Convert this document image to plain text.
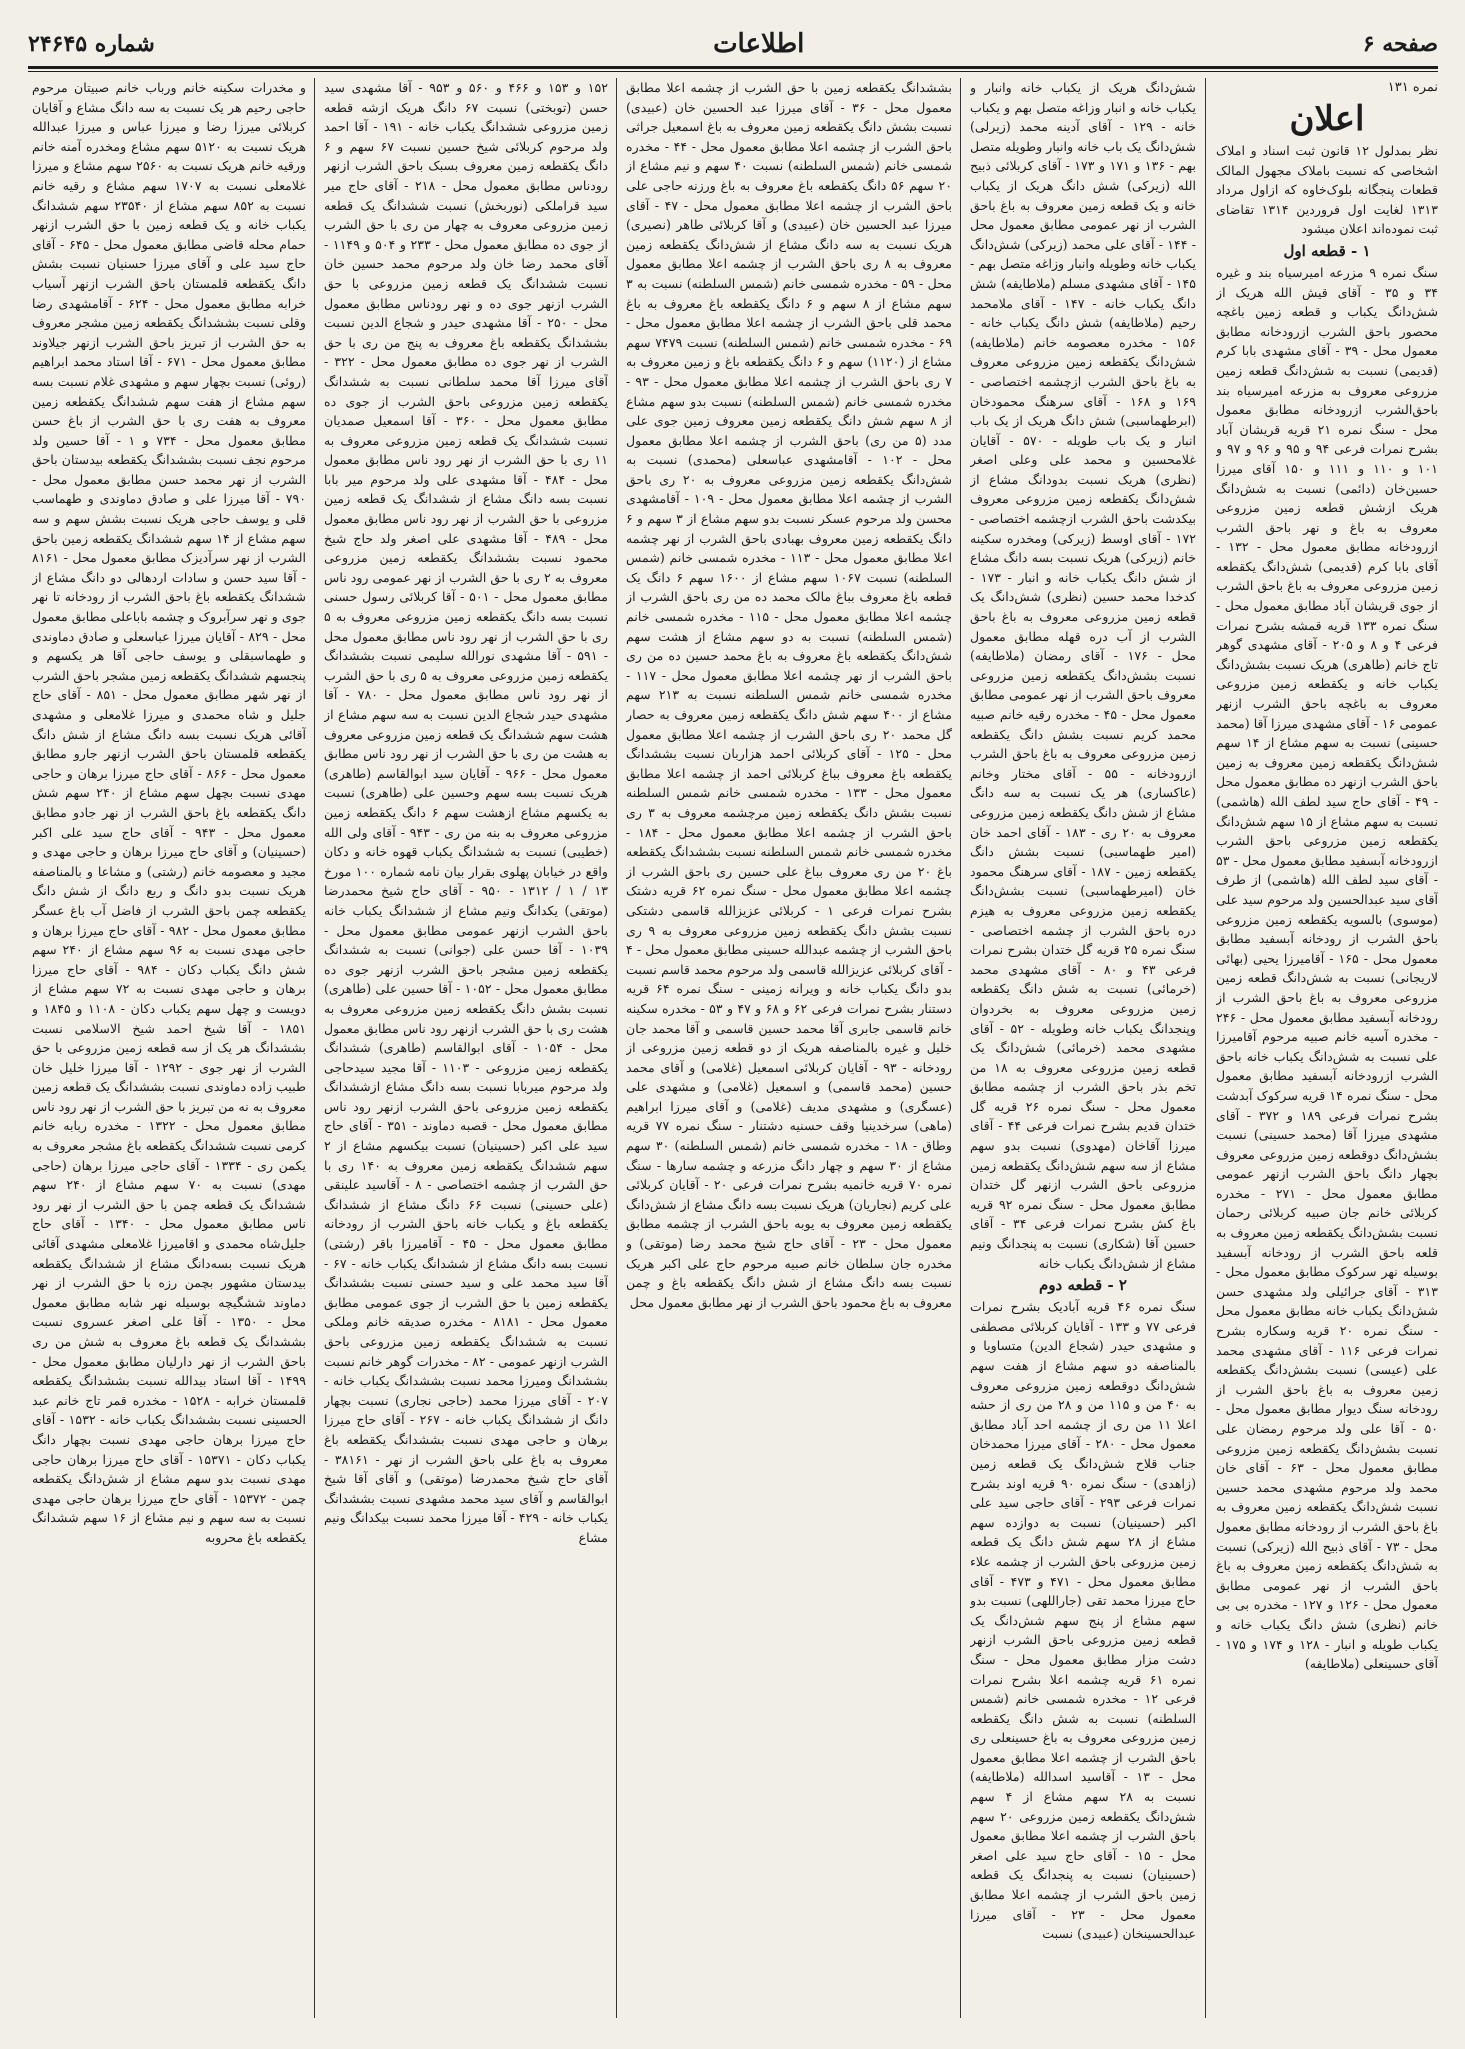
صفحه ۶
اطلاعات
شماره ۲۴۶۴۵

نمره ۱۳۱

اعلان

نظر بمدلول ۱۲ قانون ثبت اسناد و املاک اشخاصی که نسبت باملاک مجهول المالک قطعات پنجگانه بلوک‌خاوه که ازاول مرداد ۱۳۱۳ لغایت اول فروردین ۱۳۱۴ تقاضای ثبت نموده‌اند اعلان میشود

۱ - قطعه اول

سنگ نمره ۹ مزرعه امیرسیاه بند و غیره ۳۴ و ۳۵ - آقای قیش الله هریک از شش‌دانگ یکباب و قطعه زمین باغچه محصور باحق الشرب ازرودخانه مطابق معمول محل - ۳۹ - آقای مشهدی بابا کرم (قدیمی) نسبت به شش‌دانگ قطعه زمین مزروعی معروف به مزرعه امیرسیاه بند باحق‌الشرب ازرودخانه مطابق معمول محل - سنگ نمره ۲۱ قریه قریشان آباد بشرح نمرات فرعی ۹۴ و ۹۵ و ۹۶ و ۹۷ و ۱۰۱ و ۱۱۰ و ۱۱۱ و ۱۵۰ آقای میرزا حسین‌خان (دائمی) نسبت به شش‌دانگ هریک ازشش قطعه زمین مزروعی معروف به باغ و نهر باحق الشرب ازرودخانه مطابق معمول محل - ۱۳۲ - آقای بابا کرم (قدیمی) شش‌دانگ یکقطعه زمین مزروعی معروف به باغ باحق الشرب از جوی قریشان آباد مطابق معمول محل - سنگ نمره ۱۳۳ قریه قمشه بشرح نمرات فرعی ۴ و ۸ و ۲۰۵ - آقای مشهدی گوهر تاج خانم (طاهری) هریک نسبت بشش‌دانگ یکباب خانه و یکقطعه زمین مزروعی معروف به باغچه باحق الشرب ازنهر عمومی ۱۶ - آقای مشهدی میرزا آقا (محمد حسینی) نسبت به سهم مشاع از ۱۴ سهم شش‌دانگ یکقطعه زمین معروف به زمین باحق الشرب ازنهر ده مطابق معمول محل - ۴۹ - آقای حاج سید لطف الله (هاشمی) نسبت به سهم مشاع از ۱۵ سهم شش‌دانگ یکقطعه زمین مزروعی باحق الشرب ازرودخانه آبسفید مطابق معمول محل - ۵۳ - آقای سید لطف الله (هاشمی) از طرف آقای سید عبدالحسین ولد مرحوم سید علی (موسوی) بالسویه یکقطعه زمین مزروعی باحق الشرب از رودخانه آبسفید مطابق معمول محل - ۱۶۵ - آقامیرزا یحیی (بهائی لاریجانی) نسبت به شش‌دانگ قطعه زمین مزروعی معروف به باغ باحق الشرب از رودخانه آبسفید مطابق معمول محل - ۲۴۶ - مخدره آسیه خانم صبیه مرحوم آقامیرزا علی نسبت به شش‌دانگ یکباب خانه باحق الشرب ازرودخانه آبسفید مطابق معمول محل - سنگ نمره ۱۴ قریه سرکوک آبدشت بشرح نمرات فرعی ۱۸۹ و ۳۷۲ - آقای مشهدی میرزا آقا (محمد حسینی) نسبت بشش‌دانگ دوقطعه زمین مزروعی معروف بچهار دانگ باحق الشرب ازنهر عمومی مطابق معمول محل - ۲۷۱ - مخدره کربلائی خانم جان صبیه کربلائی رحمان نسبت بشش‌دانگ یکقطعه زمین معروف به قلعه باحق الشرب از رودخانه آبسفید بوسیله نهر سرکوک مطابق معمول محل - ۳۱۳ - آقای جرائیلی ولد مشهدی حسن شش‌دانگ یکباب خانه مطابق معمول محل - سنگ نمره ۲۰ قریه وسکاره بشرح نمرات فرعی ۱۱۶ - آقای مشهدی محمد علی (عیسی) نسبت بشش‌دانگ یکقطعه زمین معروف به باغ باحق الشرب از رودخانه سنگ دیوار مطابق معمول محل - ۵۰ - آقا علی ولد مرحوم رمضان علی نسبت بشش‌دانگ یکقطعه زمین مزروعی مطابق معمول محل - ۶۳ - آقای خان محمد ولد مرحوم مشهدی محمد حسین نسبت شش‌دانگ یکقطعه زمین معروف به باغ باحق الشرب از رودخانه مطابق معمول محل - ۷۳ - آقای ذبیح الله (زیرکی) نسبت به شش‌دانگ یکقطعه زمین معروف به باغ باحق الشرب از نهر عمومی مطابق معمول محل - ۱۲۶ و ۱۲۷ - مخدره بی بی خانم (نظری) شش دانگ یکباب خانه و یکباب طویله و انبار - ۱۲۸ و ۱۷۴ و ۱۷۵ - آقای حسینعلی (ملاطایفه)

شش‌دانگ هریک از یکباب خانه وانبار و یکباب خانه و انبار وزاغه متصل بهم و یکباب خانه - ۱۲۹ - آقای آدینه محمد (زیرلی) شش‌دانگ یک باب خانه وانبار وطویله متصل بهم - ۱۳۶ و ۱۷۱ و ۱۷۳ - آقای کربلائی ذبیح الله (زیرکی) شش دانگ هریک از یکباب خانه و یک قطعه زمین معروف به باغ باحق الشرب از نهر عمومی مطابق معمول محل - ۱۴۴ - آقای علی محمد (زیرکی) شش‌دانگ یکباب خانه وطویله وانبار وزاغه متصل بهم - ۱۴۵ - آقای مشهدی مسلم (ملاطایفه) شش دانگ یکباب خانه - ۱۴۷ - آقای ملامحمد رحیم (ملاطایفه) شش دانگ یکباب خانه - ۱۵۶ - مخدره معصومه خانم (ملاطایفه) شش‌دانگ یکقطعه زمین مزروعی معروف به باغ باحق الشرب ازچشمه اختصاصی - ۱۶۹ و ۱۶۸ - آقای سرهنگ محمودخان (ابرطهماسبی) شش دانگ هریک از یک باب انبار و یک باب طویله - ۵۷۰ - آقایان غلامحسین و محمد علی وعلی اصغر (نظری) هریک نسبت بدودانگ مشاع از شش‌دانگ یکقطعه زمین مزروعی معروف بیکدشت باحق الشرب ازچشمه اختصاصی - ۱۷۲ - آقای اوسط (زیرکی) ومخدره سکینه خانم (زیرکی) هریک نسبت بسه دانگ مشاع از شش دانگ یکباب خانه و انبار - ۱۷۳ - کدخدا محمد حسین (نظری) شش‌دانگ یک قطعه زمین مزروعی معروف به باغ باحق الشرب از آب دره قهله مطابق معمول محل - ۱۷۶ - آقای رمضان (ملاطایفه) نسبت بشش‌دانگ یکقطعه زمین مزروعی معروف باحق الشرب از نهر عمومی مطابق معمول محل - ۴۵ - مخدره رقیه خانم صبیه محمد کریم نسبت بشش دانگ یکقطعه زمین مزروعی معروف به باغ باحق الشرب ازرودخانه - ۵۵ - آقای مختار وخانم (عاکساری) هر یک نسبت به سه دانگ مشاع از شش دانگ یکقطعه زمین مزروعی معروف به ۲۰ ری - ۱۸۳ - آقای احمد خان (امیر طهماسبی) نسبت بشش دانگ یکقطعه زمین - ۱۸۷ - آقای سرهنگ محمود خان (امیرطهماسبی) نسبت بشش‌دانگ یکقطعه زمین مزروعی معروف به هیزم دره باحق الشرب از چشمه اختصاصی - سنگ نمره ۲۵ قریه گل ختدان بشرح نمرات فرعی ۴۳ و ۸۰ - آقای مشهدی محمد (خرمائی) نسبت به شش دانگ یکقطعه زمین مزروعی معروف به بخردوان وپنجدانگ یکباب خانه وطویله - ۵۲ - آقای مشهدی محمد (خرمائی) شش‌دانگ یک قطعه زمین مزروعی معروف به ۱۸ من تخم بذر باحق الشرب از چشمه مطابق معمول محل - سنگ نمره ۲۶ قریه گل ختدان قدیم بشرح نمرات فرعی ۴۴ - آقای میرزا آقاخان (مهدوی) نسبت بدو سهم مشاع از سه سهم شش‌دانگ یکقطعه زمین مزروعی باحق الشرب ازنهر گل ختدان مطابق معمول محل - سنگ نمره ۹۲ قریه باغ کش بشرح نمرات فرعی ۳۴ - آقای حسین آقا (شکاری) نسبت به پنجدانگ ونیم مشاع از شش‌دانگ یکباب خانه

۲ - قطعه دوم

سنگ نمره ۴۶ قریه آبادیک بشرح نمرات فرعی ۷۷ و ۱۳۳ - آقایان کربلائی مصطفی و مشهدی حیدر (شجاع الدین) متساویا و بالمناصفه دو سهم مشاع از هفت سهم شش‌دانگ دوقطعه زمین مزروعی معروف به ۴۰ من و ۱۱۵ من و ۲۸ من ری از حشه اعلا ۱۱ من ری از چشمه احد آباد مطابق معمول محل - ۲۸۰ - آقای میرزا محمدخان جناب قلاح شش‌دانگ یک قطعه زمین (زاهدی) - سنگ نمره ۹۰ قریه اوند بشرح نمرات فرعی ۲۹۳ - آقای حاجی سید علی اکبر (حسینیان) نسبت به دوازده سهم مشاع از ۲۸ سهم شش دانگ یک قطعه زمین مزروعی باحق الشرب از چشمه علاء مطابق معمول محل - ۴۷۱ و ۴۷۳ - آقای حاج میرزا محمد تقی (جاراللهی) نسبت بدو سهم مشاع از پنج سهم شش‌دانگ یک قطعه زمین مزروعی باحق الشرب ازنهر دشت مزار مطابق معمول محل - سنگ نمره ۶۱ قریه چشمه اعلا بشرح نمرات فرعی ۱۲ - مخدره شمسی خانم (شمس السلطنه) نسبت به شش دانگ یکقطعه زمین مزروعی معروف به باغ حسینعلی ری باحق الشرب از چشمه اعلا مطابق معمول محل - ۱۳ - آقاسید اسدالله (ملاطایفه) نسبت به ۲۸ سهم مشاع از ۴ سهم شش‌دانگ یکقطعه زمین مزروعی ۲۰ سهم باحق الشرب از چشمه اعلا مطابق معمول محل - ۱۵ - آقای حاج سید علی اصغر (حسینیان) نسبت به پنجدانگ یک قطعه زمین باحق الشرب از چشمه اعلا مطابق معمول محل - ۲۳ - آقای میرزا عبدالحسینخان (عبیدی) نسبت

بششدانگ یکقطعه زمین با حق الشرب از چشمه اعلا مطابق معمول محل - ۳۶ - آقای میرزا عبد الحسین خان (عبیدی) نسبت بشش دانگ یکقطعه زمین معروف به باغ اسمعیل جراثی باحق الشرب از چشمه اعلا مطابق معمول محل - ۴۴ - مخدره شمسی خانم (شمس السلطنه) نسبت ۴۰ سهم و نیم مشاع از ۲۰ سهم ۵۶ دانگ یکقطعه باغ معروف به باغ ورزنه حاجی علی باحق الشرب از چشمه اعلا مطابق معمول محل - ۴۷ - آقای میرزا عبد الحسین خان (عبیدی) و آقا کربلائی طاهر (نصیری) هریک نسبت به سه دانگ مشاع از شش‌دانگ یکقطعه زمین معروف به ۸ ری باحق الشرب از چشمه اعلا مطابق معمول محل - ۵۹ - مخدره شمسی خانم (شمس السلطنه) نسبت به ۳ سهم مشاع از ۸ سهم و ۶ دانگ یکقطعه باغ معروف به باغ محمد قلی باحق الشرب از چشمه اعلا مطابق معمول محل - ۶۹ - مخدره شمسی خانم (شمس السلطنه) نسبت ۷۴۷۹ سهم مشاع از (۱۱۲۰) سهم و ۶ دانگ یکقطعه باغ و زمین معروف به ۷ ری باحق الشرب از چشمه اعلا مطابق معمول محل - ۹۳ - مخدره شمسی خانم (شمس السلطنه) نسبت بدو سهم مشاع از ۸ سهم شش دانگ یکقطعه زمین معروف زمین جوی علی مدد (۵ من ری) باحق الشرب از چشمه اعلا مطابق معمول محل - ۱۰۲ - آقامشهدی عباسعلی (محمدی) نسبت به شش‌دانگ یکقطعه زمین مزروعی معروف به ۲۰ ری باحق الشرب از چشمه اعلا مطابق معمول محل - ۱۰۹ - آقامشهدی محسن ولد مرحوم عسکر نسبت بدو سهم مشاع از ۳ سهم و ۶ دانگ یکقطعه زمین معروف بهبادی باحق الشرب از نهر چشمه اعلا مطابق معمول محل - ۱۱۳ - مخدره شمسی خانم (شمس السلطنه) نسبت ۱۰۶۷ سهم مشاع از ۱۶۰۰ سهم ۶ دانگ یک قطعه باغ معروف بباغ مالک محمد ده من ری باحق الشرب از چشمه اعلا مطابق معمول محل - ۱۱۵ - مخدره شمسی خانم (شمس السلطنه) نسبت به دو سهم مشاع از هشت سهم شش‌دانگ یکقطعه باغ معروف به باغ محمد حسین ده من ری باحق الشرب از نهر چشمه اعلا مطابق معمول محل - ۱۱۷ - مخدره شمسی خانم شمس السلطنه نسبت به ۲۱۳ سهم مشاع از ۴۰۰ سهم شش دانگ یکقطعه زمین معروف به حصار گل محمد ۲۰ ری باحق الشرب از چشمه اعلا مطابق معمول محل - ۱۲۵ - آقای کربلائی احمد هزاربان نسبت بششدانگ یکقطعه باغ معروف بباغ کربلائی احمد از چشمه اعلا مطابق معمول محل - ۱۳۳ - مخدره شمسی خانم شمس السلطنه نسبت بشش دانگ یکقطعه زمین مرچشمه معروف به ۳ ری باحق الشرب از چشمه اعلا مطابق معمول محل - ۱۸۴ - مخدره شمسی خانم شمس السلطنه نسبت بششدانگ یکقطعه باغ ۲۰ من ری معروف بباغ علی حسین ری باحق الشرب از چشمه اعلا مطابق معمول محل - سنگ نمره ۶۲ قریه دشتک بشرح نمرات فرعی ۱ - کربلائی عزیزالله قاسمی دشتکی نسبت بشش دانگ یکقطعه زمین مزروعی معروف به ۹ ری باحق الشرب از چشمه عبدالله حسینی مطابق معمول محل - ۴ - آقای کربلائی عزیزالله قاسمی ولد مرحوم محمد قاسم نسبت بدو دانگ یکباب خانه و ویرانه زمینی - سنگ نمره ۶۴ قریه دستنار بشرح نمرات فرعی ۶۲ و ۶۸ و ۴۷ و ۵۳ - مخدره سکینه خانم قاسمی جابری آقا محمد حسین قاسمی و آقا محمد جان خلیل و غیره بالمناصفه هریک از دو قطعه زمین مزروعی از رودخانه - ۹۳ - آقایان کربلائی اسمعیل (غلامی) و آقای محمد حسین (محمد قاسمی) و اسمعیل (غلامی) و مشهدی علی (عسگری) و مشهدی مدیف (غلامی) و آقای میرزا ابراهیم (ماهی) سرخدینیا وقف حسنیه دشتنار - سنگ نمره ۷۷ قریه وطاق - ۱۸ - مخدره شمسی خانم (شمس السلطنه) ۳۰ سهم مشاع از ۳۰ سهم و چهار دانگ مزرعه و چشمه سارها - سنگ نمره ۷۰ قریه خانمیه بشرح نمرات فرعی ۲۰ - آقایان کربلائی علی کریم (نجاریان) هریک نسبت بسه دانگ مشاع از شش‌دانگ یکقطعه زمین معروف به یوبه باحق الشرب از چشمه مطابق معمول محل - ۲۳ - آقای حاج شیخ محمد رضا (موتقی) و مخدره جان سلطان خانم صبیه مرحوم حاج علی اکبر هریک نسبت بسه دانگ مشاع از شش دانگ یکقطعه باغ و چمن معروف به باغ محمود باحق الشرب از نهر مطابق معمول محل

۱۵۲ و ۱۵۳ و ۴۶۶ و ۵۶۰ و ۹۵۳ - آقا مشهدی سید حسن (توبختی) نسبت ۶۷ دانگ هریک ازشه قطعه زمین مزروعی ششدانگ یکباب خانه - ۱۹۱ - آقا احمد ولد مرحوم کربلائی شیخ حسین نسبت ۶۷ سهم و ۶ دانگ یکقطعه زمین معروف بسبک باحق الشرب ازنهر رودناس مطابق معمول محل - ۲۱۸ - آقای حاج میر سید قراملکی (نوربخش) نسبت ششدانگ یک قطعه زمین مزروعی معروف به چهار من ری با حق الشرب از جوی ده مطابق معمول محل - ۲۳۳ و ۵۰۴ و ۱۱۴۹ - آقای محمد رضا خان ولد مرحوم محمد حسین خان نسبت ششدانگ یک قطعه زمین مزروعی با حق الشرب ازنهر جوی ده و نهر رودناس مطابق معمول محل - ۲۵۰ - آقا مشهدی حیدر و شجاع الدین نسبت بششدانگ یکقطعه باغ معروف به پنج من ری با حق الشرب از نهر جوی ده مطابق معمول محل - ۳۲۲ - آقای میرزا آقا محمد سلطانی نسبت به ششدانگ یکقطعه زمین مزروعی باحق الشرب از جوی ده مطابق معمول محل - ۳۶۰ - آقا اسمعیل صمدیان نسبت ششدانگ یک قطعه زمین مزروعی معروف به ۱۱ ری با حق الشرب از نهر رود ناس مطابق معمول محل - ۴۸۴ - آقا مشهدی علی ولد مرحوم میر بابا نسبت بسه دانگ مشاع از ششدانگ یک قطعه زمین مزروعی با حق الشرب از نهر رود ناس مطابق معمول محل - ۴۸۹ - آقا مشهدی علی اصغر ولد حاج شیخ محمود نسبت بششدانگ یکقطعه زمین مزروعی معروف به ۲ ری با حق الشرب از نهر عمومی رود ناس مطابق معمول محل - ۵۰۱ - آقا کربلائی رسول حسنی نسبت بسه دانگ یکقطعه زمین مزروعی معروف به ۵ ری با حق الشرب از نهر رود ناس مطابق معمول محل - ۵۹۱ - آقا مشهدی نورالله سلیمی نسبت بششدانگ یکقطعه زمین مزروعی معروف به ۵ ری با حق الشرب از نهر رود ناس مطابق معمول محل - ۷۸۰ - آقا مشهدی حیدر شجاع الدین نسبت به سه سهم مشاع از هشت سهم ششدانگ یک قطعه زمین مزروعی معروف به هشت من ری با حق الشرب از نهر رود ناس مطابق معمول محل - ۹۶۶ - آقایان سید ابوالقاسم (طاهری) هریک نسبت بسه سهم وحسین علی (طاهری) نسبت به یکسهم مشاع ازهشت سهم ۶ دانگ یکقطعه زمین مزروعی معروف به بنه من ری - ۹۴۳ - آقای ولی الله (خطیبی) نسبت به ششدانگ یکباب قهوه خانه و دکان واقع در خیابان پهلوی بقرار بیان نامه شماره ۱۰۰ مورخ ۱۳ / ۱ / ۱۳۱۲ - ۹۵۰ - آقای حاج شیخ محمدرضا (موتقی) یکدانگ ونیم مشاع از ششدانگ یکباب خانه باحق الشرب ازنهر عمومی مطابق معمول محل - ۱۰۳۹ - آقا حسن علی (جوانی) نسبت به ششدانگ یکقطعه زمین مشجر باحق الشرب ازنهر جوی ده مطابق معمول محل - ۱۰۵۲ - آقا حسین علی (طاهری) نسبت بشش دانگ یکقطعه زمین مزروعی معروف به هشت ری با حق الشرب ازنهر رود ناس مطابق معمول محل - ۱۰۵۴ - آقای ابوالقاسم (طاهری) ششدانگ یکقطعه زمین مزروعی - ۱۱۰۳ - آقا مجید سیدحاجی ولد مرحوم میربابا نسبت بسه دانگ مشاع ازششدانگ یکقطعه زمین مزروعی باحق الشرب ازنهر رود ناس مطابق معمول محل - قصبه دماوند - ۳۵۱ - آقای حاج سید علی اکبر (حسینیان) نسبت بیکسهم مشاع از ۲ سهم ششدانگ یکقطعه زمین معروف به ۱۴۰ ری با حق الشرب از چشمه اختصاصی - ۸ - آقاسید علینقی (علی حسینی) نسبت ۶۶ دانگ مشاع از ششدانگ یکقطعه باغ و یکباب خانه باحق الشرب از رودخانه مطابق معمول محل - ۴۵ - آقامیرزا باقر (رشتی) نسبت بسه دانگ مشاع از ششدانگ یکباب خانه - ۶۷ - آقا سید محمد علی و سید حسنی نسبت بششدانگ یکقطعه زمین با حق الشرب از جوی عمومی مطابق معمول محل - ۸۱۸۱ - مخدره صدیقه خانم وملکی نسبت به ششدانگ یکقطعه زمین مزروعی باحق الشرب ازنهر عمومی - ۸۲ - مخدرات گوهر خانم نسبت بششدانگ ومیرزا محمد نسبت بششدانگ یکباب خانه - ۲۰۷ - آقای میرزا محمد (حاجی نجاری) نسبت بچهار دانگ از ششدانگ یکباب خانه - ۲۶۷ - آقای حاج میرزا برهان و حاجی مهدی نسبت بششدانگ یکقطعه باغ معروف به باغ علی باحق الشرب از نهر - ۳۸۱۶۱ - آقای حاج شیخ محمدرضا (موتقی) و آقای آقا شیخ ابوالقاسم و آقای سید محمد مشهدی نسبت بششدانگ یکباب خانه - ۴۲۹ - آقا میرزا محمد نسبت بیکدانگ ونیم مشاع

و مخدرات سکینه خانم ورباب خانم صبیتان مرحوم حاجی رحیم هر یک نسبت به سه دانگ مشاع و آقایان کربلائی میرزا رضا و میرزا عباس و میرزا عبدالله هریک نسبت به ۵۱۲۰ سهم مشاع ومخدره آمنه خانم ورقیه خانم هریک نسبت به ۲۵۶۰ سهم مشاع و میرزا غلامعلی نسبت به ۱۷۰۷ سهم مشاع و رقیه خانم نسبت به ۸۵۲ سهم مشاع از ۲۳۵۴۰ سهم ششدانگ یکباب خانه و یک قطعه زمین با حق الشرب ازنهر حمام محله قاضی مطابق معمول محل - ۶۴۵ - آقای حاج سید علی و آقای میرزا حسنیان نسبت بشش دانگ یکقطعه قلمستان باحق الشرب ازنهر آسیاب خرابه مطابق معمول محل - ۶۲۴ - آقامشهدی رضا وقلی نسبت بششدانگ یکقطعه زمین مشجر معروف به حق الشرب از تبریز باحق الشرب ازنهر جیلاوند مطابق معمول محل - ۶۷۱ - آقا استاد محمد ابراهیم (روئی) نسبت بچهار سهم و مشهدی غلام نسبت بسه سهم مشاع از هفت سهم ششدانگ یکقطعه زمین معروف به هفت ری با حق الشرب از باغ حسن مطابق معمول محل - ۷۳۴ و ۱ - آقا حسین ولد مرحوم نجف نسبت بششدانگ یکقطعه بیدستان باحق الشرب از نهر محمد حسن مطابق معمول محل - ۷۹۰ - آقا میرزا علی و صادق دماوندی و طهماسب قلی و یوسف حاجی هریک نسبت بشش سهم و سه سهم مشاع از ۱۴ سهم ششدانگ یکقطعه زمین باحق الشرب از نهر سرآدیزک مطابق معمول محل - ۸۱۶۱ - آقا سید حسن و سادات اردهالی دو دانگ مشاع از ششدانگ یکقطعه باغ باحق الشرب از رودخانه تا نهر جوی و نهر سرآبروک و چشمه باباعلی مطابق معمول محل - ۸۲۹ - آقایان میرزا عباسعلی و صادق دماوندی و طهماسبقلی و یوسف حاجی آقا هر یکسهم و پنجسهم ششدانگ یکقطعه زمین مشجر باحق الشرب از نهر شهر مطابق معمول محل - ۸۵۱ - آقای حاج جلیل و شاه محمدی و میرزا غلامعلی و مشهدی آقائی هریک نسبت بسه دانگ مشاع از شش دانگ یکقطعه قلمستان باحق الشرب ازنهر جارو مطابق معمول محل - ۸۶۶ - آقای حاج میرزا برهان و حاجی مهدی نسبت بچهل سهم مشاع از ۲۴۰ سهم شش دانگ یکقطعه باغ باحق الشرب از نهر جادو مطابق معمول محل - ۹۴۳ - آقای حاج سید علی اکبر (حسینیان) و آقای حاج میرزا برهان و حاجی مهدی و مجید و معصومه خانم (رشتی) و مشاعا و بالمناصفه هریک نسبت بدو دانگ و ربع دانگ از شش دانگ یکقطعه چمن باحق الشرب از فاضل آب باغ عسگر مطابق معمول محل - ۹۸۲ - آقای حاج میرزا برهان و حاجی مهدی نسبت به ۹۶ سهم مشاع از ۲۴۰ سهم شش دانگ یکباب دکان - ۹۸۴ - آقای حاج میرزا برهان و حاجی مهدی نسبت به ۷۲ سهم مشاع از دویست و چهل سهم یکباب دکان - ۱۱۰۸ و ۱۸۴۵ و ۱۸۵۱ - آقا شیخ احمد شیخ الاسلامی نسبت بششدانگ هر یک از سه قطعه زمین مزروعی با حق الشرب از نهر جوی - ۱۲۹۲ - آقا میرزا خلیل خان طبیب زاده دماوندی نسبت بششدانگ یک قطعه زمین معروف به نه من تبریز با حق الشرب از نهر رود ناس مطابق معمول محل - ۱۳۲۲ - مخدره ربابه خانم کرمی نسبت ششدانگ یکقطعه باغ مشجر معروف به یکمن ری - ۱۳۳۴ - آقای حاجی میرزا برهان (حاجی مهدی) نسبت به ۷۰ سهم مشاع از ۲۴۰ سهم ششدانگ یک قطعه چمن با حق الشرب از نهر رود ناس مطابق معمول محل - ۱۳۴۰ - آقای حاج جلیل‌شاه محمدی و اقامیرزا غلامعلی مشهدی آقائی هریک نسبت بسه‌دانگ مشاع از ششدانگ یکقطعه بیدستان مشهور بچمن رزه با حق الشرب از نهر دماوند ششگیچه بوسیله نهر شابه مطابق معمول محل - ۱۳۵۰ - آقا علی اصغر عسروی نسبت بششدانگ یک قطعه باغ معروف به شش من ری باحق الشرب از نهر دارلیان مطابق معمول محل - ۱۴۹۹ - آقا استاد بیدالله نسبت بششدانگ یکقطعه قلمستان خرابه - ۱۵۲۸ - مخدره قمر تاج خانم عبد الحسینی نسبت بششدانگ یکباب خانه - ۱۵۳۲ - آقای حاج میرزا برهان حاجی مهدی نسبت بچهار دانگ یکباب دکان - ۱۵۳۷۱ - آقای حاج میرزا برهان حاجی مهدی نسبت بدو سهم مشاع از شش‌دانگ یکقطعه چمن - ۱۵۳۷۲ - آقای حاج میرزا برهان حاجی مهدی نسبت به سه سهم و نیم مشاع از ۱۶ سهم ششدانگ یکقطعه باغ محروبه
